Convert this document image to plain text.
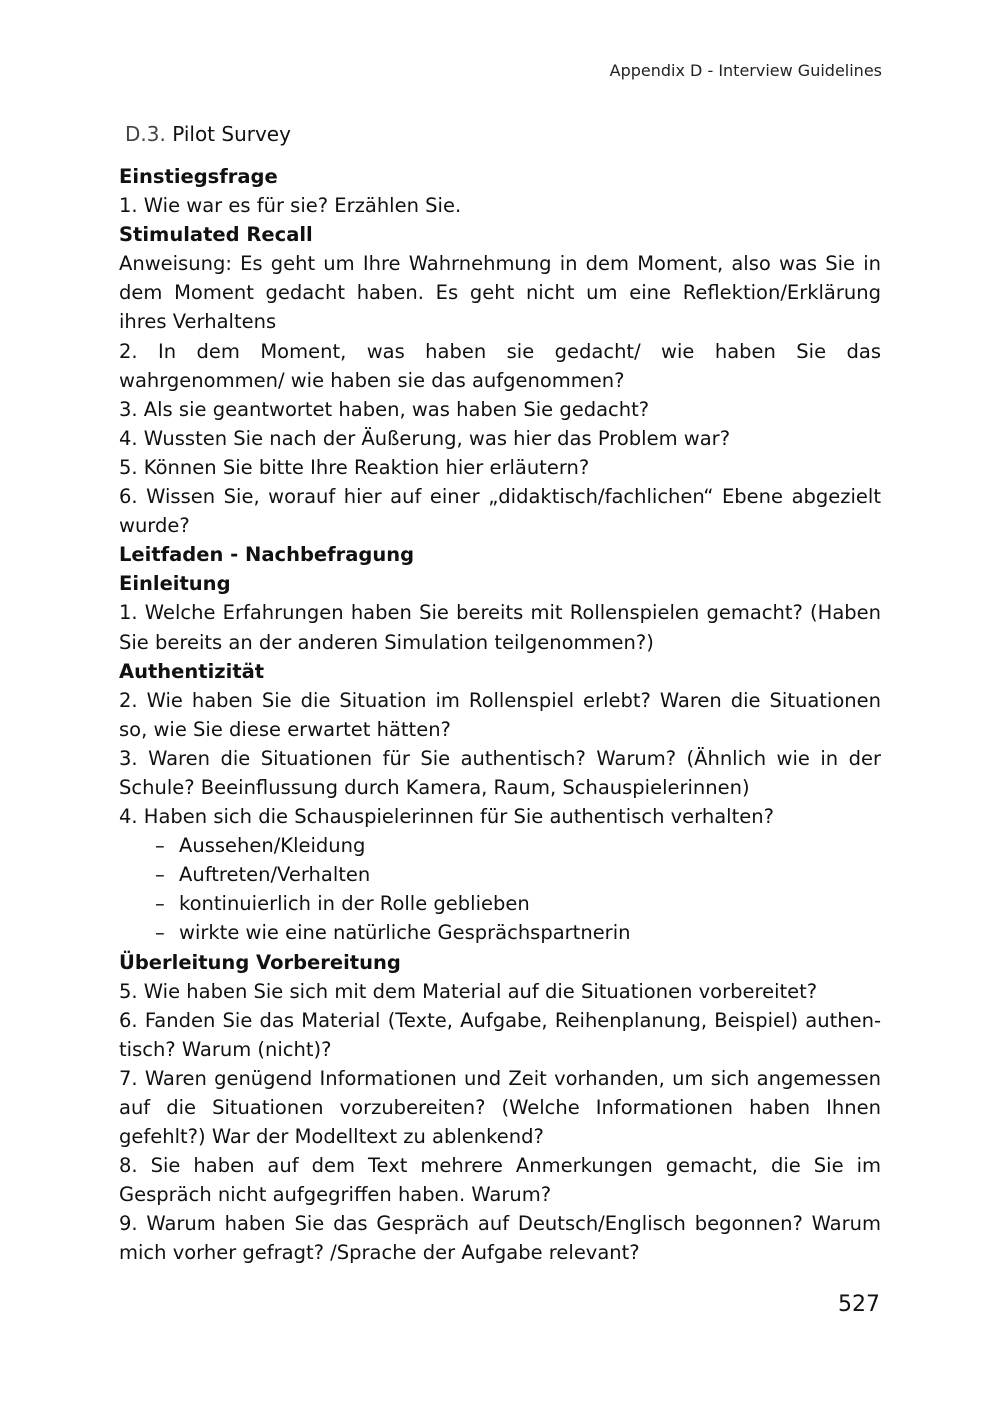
Appendix D - Interview Guidelines
D.3. Pilot Survey
Einstiegsfrage
1. Wie war es für sie? Erzählen Sie.
Stimulated Recall
Anweisung: Es geht um Ihre Wahrnehmung in dem Moment, also was Sie in dem Moment gedacht haben. Es geht nicht um eine Reflektion/Erklärung ihres Verhaltens
2. In dem Moment, was haben sie gedacht/ wie haben Sie das wahrgenommen/ wie haben sie das aufgenommen?
3. Als sie geantwortet haben, was haben Sie gedacht?
4. Wussten Sie nach der Äußerung, was hier das Problem war?
5. Können Sie bitte Ihre Reaktion hier erläutern?
6. Wissen Sie, worauf hier auf einer „didaktisch/fachlichen“ Ebene abgezielt wurde?
Leitfaden - Nachbefragung
Einleitung
1. Welche Erfahrungen haben Sie bereits mit Rollenspielen gemacht? (Haben Sie bereits an der anderen Simulation teilgenommen?)
Authentizität
2. Wie haben Sie die Situation im Rollenspiel erlebt? Waren die Situationen so, wie Sie diese erwartet hätten?
3. Waren die Situationen für Sie authentisch? Warum? (Ähnlich wie in der Schule? Beeinflussung durch Kamera, Raum, Schauspielerinnen)
4. Haben sich die Schauspielerinnen für Sie authentisch verhalten?
– Aussehen/Kleidung
– Auftreten/Verhalten
– kontinuierlich in der Rolle geblieben
– wirkte wie eine natürliche Gesprächspartnerin
Überleitung Vorbereitung
5. Wie haben Sie sich mit dem Material auf die Situationen vorbereitet?
6. Fanden Sie das Material (Texte, Aufgabe, Reihenplanung, Beispiel) authen-tisch? Warum (nicht)?
7. Waren genügend Informationen und Zeit vorhanden, um sich angemessen auf die Situationen vorzubereiten? (Welche Informationen haben Ihnen gefehlt?) War der Modelltext zu ablenkend?
8. Sie haben auf dem Text mehrere Anmerkungen gemacht, die Sie im Gespräch nicht aufgegriffen haben. Warum?
9. Warum haben Sie das Gespräch auf Deutsch/Englisch begonnen? Warum mich vorher gefragt? /Sprache der Aufgabe relevant?
527
